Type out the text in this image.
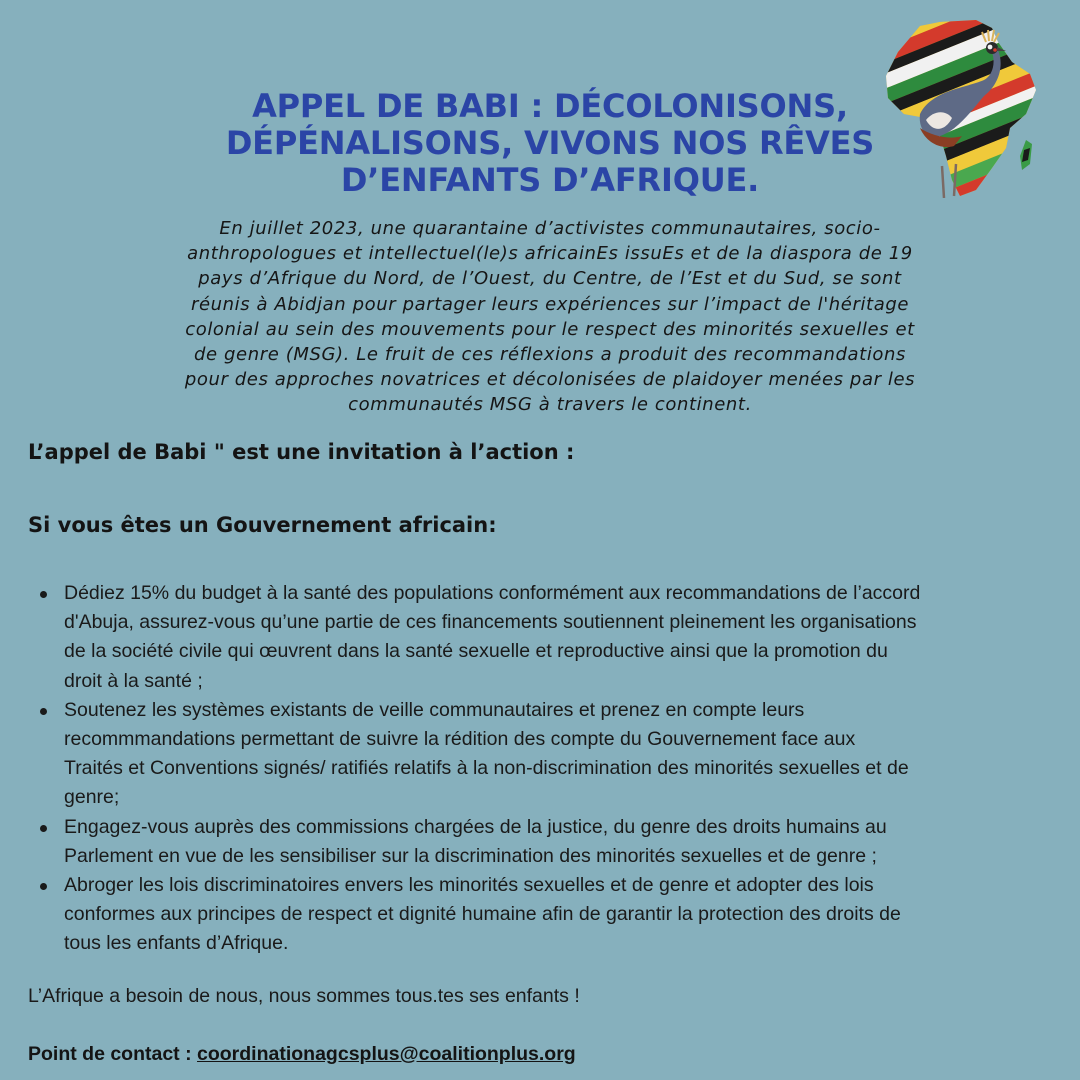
APPEL DE BABI : DÉCOLONISONS,
DÉPÉNALISONS, VIVONS NOS RÊVES
D’ENFANTS D’AFRIQUE.
En juillet 2023, une quarantaine d’activistes communautaires, socio-
anthropologues et intellectuel(le)s africainEs issuEs et de la diaspora de 19
pays d’Afrique du Nord, de l’Ouest, du Centre, de l’Est et du Sud, se sont
réunis à Abidjan pour partager leurs expériences sur l’impact de l'héritage
colonial au sein des mouvements pour le respect des minorités sexuelles et
de genre (MSG). Le fruit de ces réflexions a produit des recommandations
pour des approches novatrices et décolonisées de plaidoyer menées par les
communautés MSG à travers le continent.
L’appel de Babi " est une invitation à l’action :
Si vous êtes un Gouvernement africain:
Dédiez 15% du budget à la santé des populations conformément aux recommandations de l’accord
d'Abuja, assurez-vous qu’une partie de ces financements soutiennent pleinement les organisations
de la société civile qui œuvrent dans la santé sexuelle et reproductive ainsi que la promotion du
droit à la santé ;
Soutenez les systèmes existants de veille communautaires et prenez en compte leurs
recommmandations permettant de suivre la rédition des compte du Gouvernement face aux
Traités et Conventions signés/ ratifiés relatifs à la non-discrimination des minorités sexuelles et de
genre;
Engagez-vous auprès des commissions chargées de la justice, du genre des droits humains au
Parlement en vue de les sensibiliser sur la discrimination des minorités sexuelles et de genre ;
Abroger les lois discriminatoires envers les minorités sexuelles et de genre et adopter des lois
conformes aux principes de respect et dignité humaine afin de garantir la protection des droits de
tous les enfants d’Afrique.
L’Afrique a besoin de nous, nous sommes tous.tes ses enfants !
Point de contact : coordinationagcsplus@coalitionplus.org
